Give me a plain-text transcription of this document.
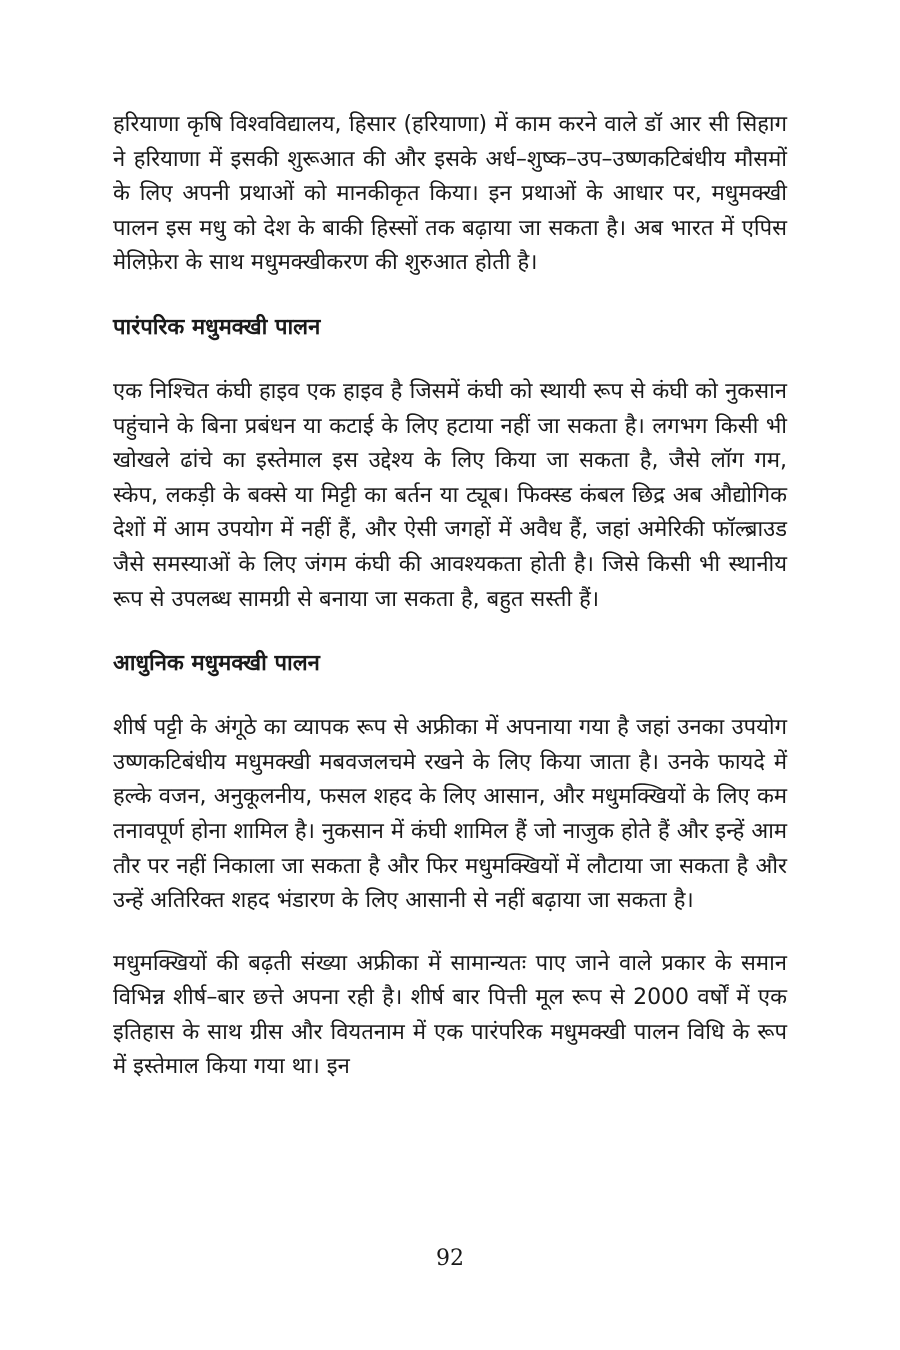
हरियाणा कृषि विश्वविद्यालय, हिसार (हरियाणा) में काम करने वाले डॉ आर सी सिहाग ने हरियाणा में इसकी शुरूआत की और इसके अर्ध–शुष्क–उप–उष्णकटिबंधीय मौसमों के लिए अपनी प्रथाओं को मानकीकृत किया। इन प्रथाओं के आधार पर, मधुमक्खी पालन इस मधु को देश के बाकी हिस्सों तक बढ़ाया जा सकता है। अब भारत में एपिस मेलिफ़ेरा के साथ मधुमक्खीकरण की शुरुआत होती है।

पारंपरिक मधुमक्खी पालन

एक निश्चित कंघी हाइव एक हाइव है जिसमें कंघी को स्थायी रूप से कंघी को नुकसान पहुंचाने के बिना प्रबंधन या कटाई के लिए हटाया नहीं जा सकता है। लगभग किसी भी खोखले ढांचे का इस्तेमाल इस उद्देश्य के लिए किया जा सकता है, जैसे लॉग गम, स्केप, लकड़ी के बक्से या मिट्टी का बर्तन या ट्यूब। फिक्स्ड कंबल छिद्र अब औद्योगिक देशों में आम उपयोग में नहीं हैं, और ऐसी जगहों में अवैध हैं, जहां अमेरिकी फॉल्ब्राउड जैसे समस्याओं के लिए जंगम कंघी की आवश्यकता होती है। जिसे किसी भी स्थानीय रूप से उपलब्ध सामग्री से बनाया जा सकता है, बहुत सस्ती हैं।

आधुनिक मधुमक्खी पालन

शीर्ष पट्टी के अंगूठे का व्यापक रूप से अफ्रीका में अपनाया गया है जहां उनका उपयोग उष्णकटिबंधीय मधुमक्खी मबवजलचमे रखने के लिए किया जाता है। उनके फायदे में हल्के वजन, अनुकूलनीय, फसल शहद के लिए आसान, और मधुमक्खियों के लिए कम तनावपूर्ण होना शामिल है। नुकसान में कंघी शामिल हैं जो नाजुक होते हैं और इन्हें आम तौर पर नहीं निकाला जा सकता है और फिर मधुमक्खियों में लौटाया जा सकता है और उन्हें अतिरिक्त शहद भंडारण के लिए आसानी से नहीं बढ़ाया जा सकता है।

मधुमक्खियों की बढ़ती संख्या अफ्रीका में सामान्यतः पाए जाने वाले प्रकार के समान विभिन्न शीर्ष–बार छत्ते अपना रही है। शीर्ष बार पित्ती मूल रूप से 2000 वर्षों में एक इतिहास के साथ ग्रीस और वियतनाम में एक पारंपरिक मधुमक्खी पालन विधि के रूप में इस्तेमाल किया गया था। इन

92
